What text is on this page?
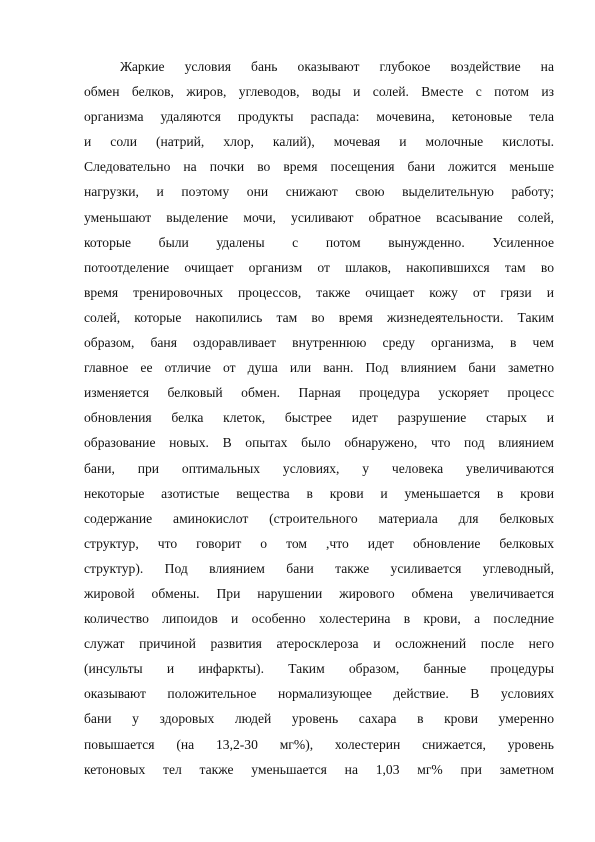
Жаркие условия бань оказывают глубокое воздействие на
обмен белков, жиров, углеводов, воды и солей. Вместе с потом из
организма удаляются продукты распада: мочевина, кетоновые тела
и соли (натрий, хлор, калий), мочевая и молочные кислоты.
Следовательно на почки во время посещения бани ложится меньше
нагрузки, и поэтому они снижают свою выделительную работу;
уменьшают выделение мочи, усиливают обратное всасывание солей,
которые были удалены с потом вынужденно. Усиленное
потоотделение очищает организм от шлаков, накопившихся там во
время тренировочных процессов, также очищает кожу от грязи и
солей, которые накопились там во время жизнедеятельности. Таким
образом, баня оздоравливает внутреннюю среду организма, в чем
главное ее отличие от душа или ванн. Под влиянием бани заметно
изменяется белковый обмен. Парная процедура ускоряет процесс
обновления белка клеток, быстрее идет разрушение старых и
образование новых. В опытах было обнаружено, что под влиянием
бани, при оптимальных условиях, у человека увеличиваются
некоторые азотистые вещества в крови и уменьшается в крови
содержание аминокислот (строительного материала для белковых
структур, что говорит о том ,что идет обновление белковых
структур). Под влиянием бани также усиливается углеводный,
жировой обмены. При нарушении жирового обмена увеличивается
количество липоидов и особенно холестерина в крови, а последние
служат причиной развития атеросклероза и осложнений после него
(инсульты и инфаркты). Таким образом, банные процедуры
оказывают положительное нормализующее действие. В условиях
бани у здоровых людей уровень сахара в крови умеренно
повышается (на 13,2-30 мг%), холестерин снижается, уровень
кетоновых тел также уменьшается на 1,03 мг% при заметном
